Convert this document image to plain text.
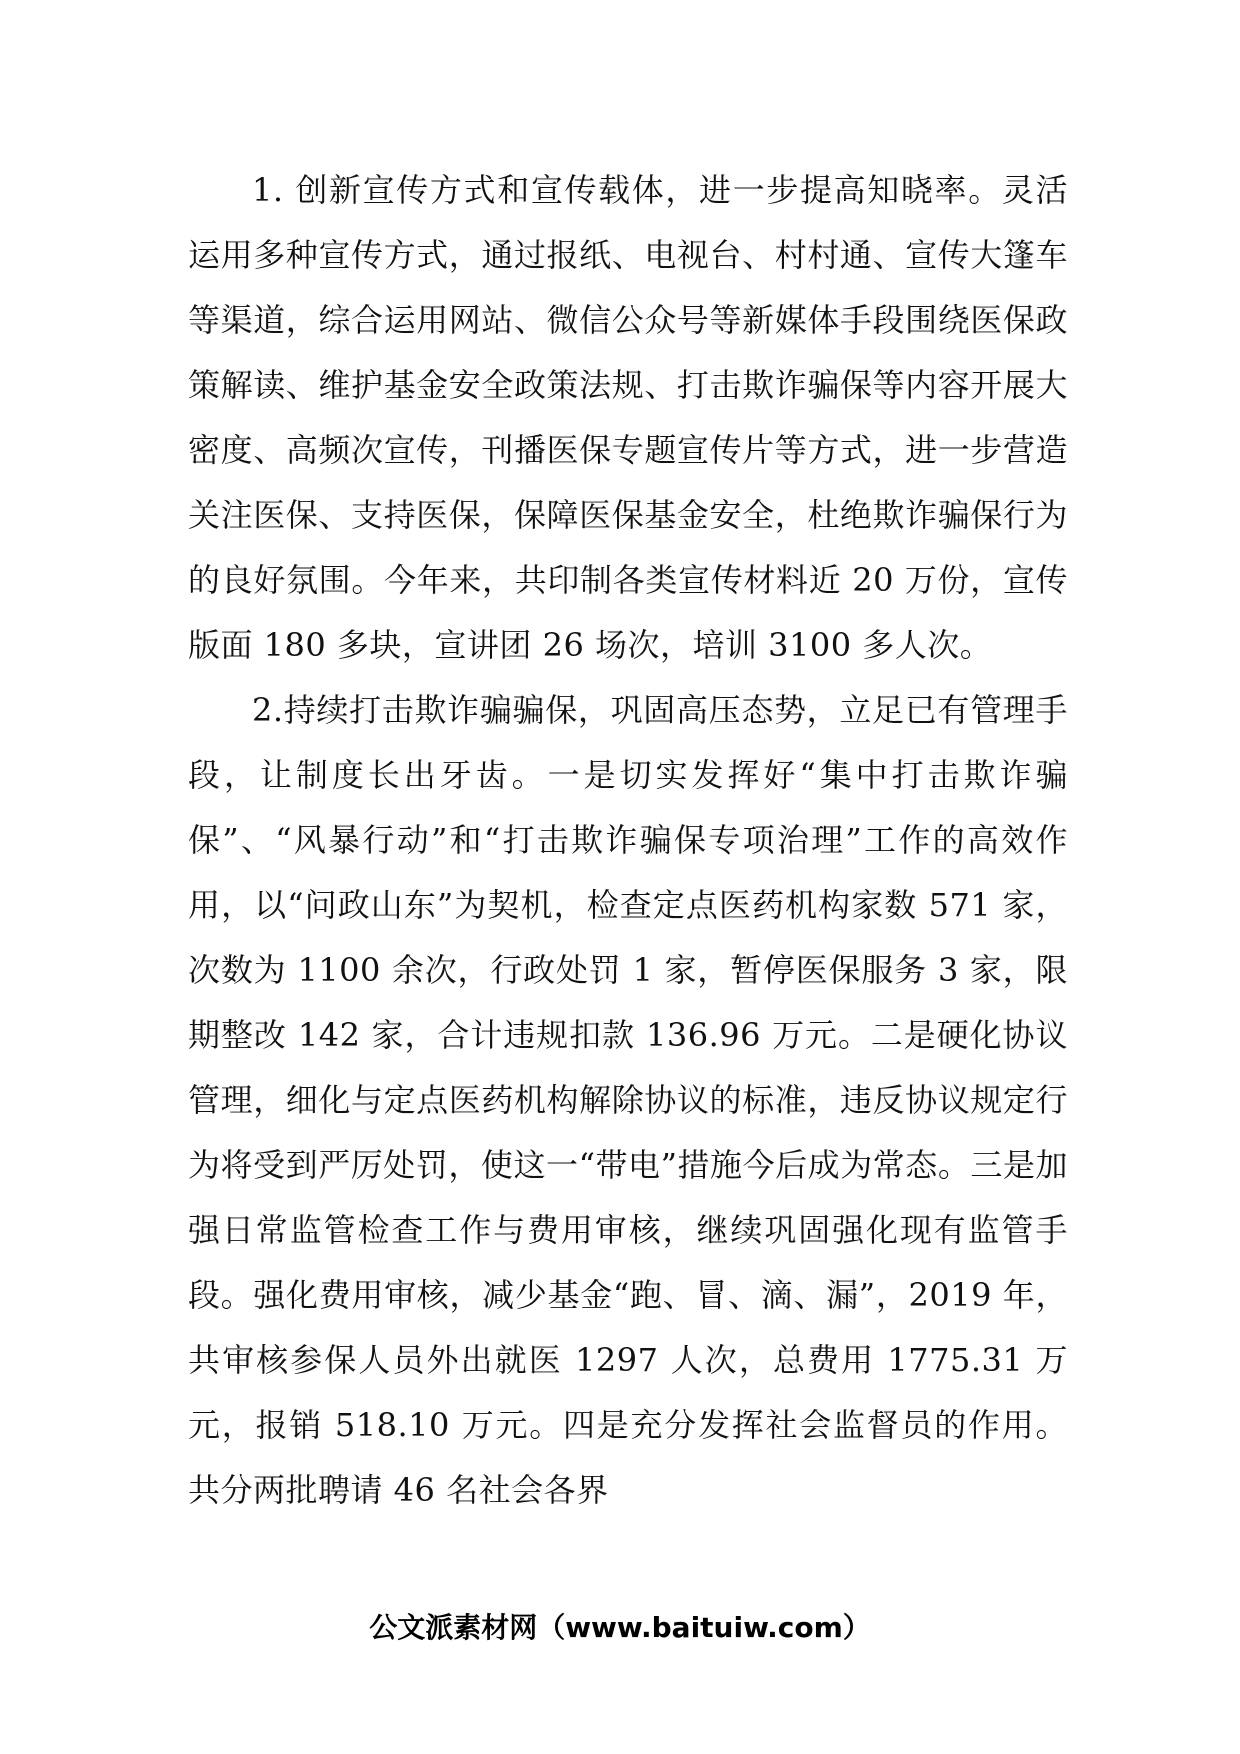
1. 创新宣传方式和宣传载体，进一步提高知晓率。灵活运用多种宣传方式，通过报纸、电视台、村村通、宣传大篷车等渠道，综合运用网站、微信公众号等新媒体手段围绕医保政策解读、维护基金安全政策法规、打击欺诈骗保等内容开展大密度、高频次宣传，刊播医保专题宣传片等方式，进一步营造关注医保、支持医保，保障医保基金安全，杜绝欺诈骗保行为的良好氛围。今年来，共印制各类宣传材料近 20 万份，宣传版面 180 多块，宣讲团 26 场次，培训 3100 多人次。

2.持续打击欺诈骗骗保，巩固高压态势，立足已有管理手段，让制度长出牙齿。一是切实发挥好“集中打击欺诈骗保”、“风暴行动”和“打击欺诈骗保专项治理”工作的高效作用，以“问政山东”为契机，检查定点医药机构家数 571 家，次数为 1100 余次，行政处罚 1 家，暂停医保服务 3 家，限期整改 142 家，合计违规扣款 136.96 万元。二是硬化协议管理，细化与定点医药机构解除协议的标准，违反协议规定行为将受到严厉处罚，使这一“带电”措施今后成为常态。三是加强日常监管检查工作与费用审核，继续巩固强化现有监管手段。强化费用审核，减少基金“跑、冒、滴、漏”，2019 年，共审核参保人员外出就医 1297 人次，总费用 1775.31 万元，报销 518.10 万元。四是充分发挥社会监督员的作用。共分两批聘请 46 名社会各界

公文派素材网（www.baitu​iw.com）
